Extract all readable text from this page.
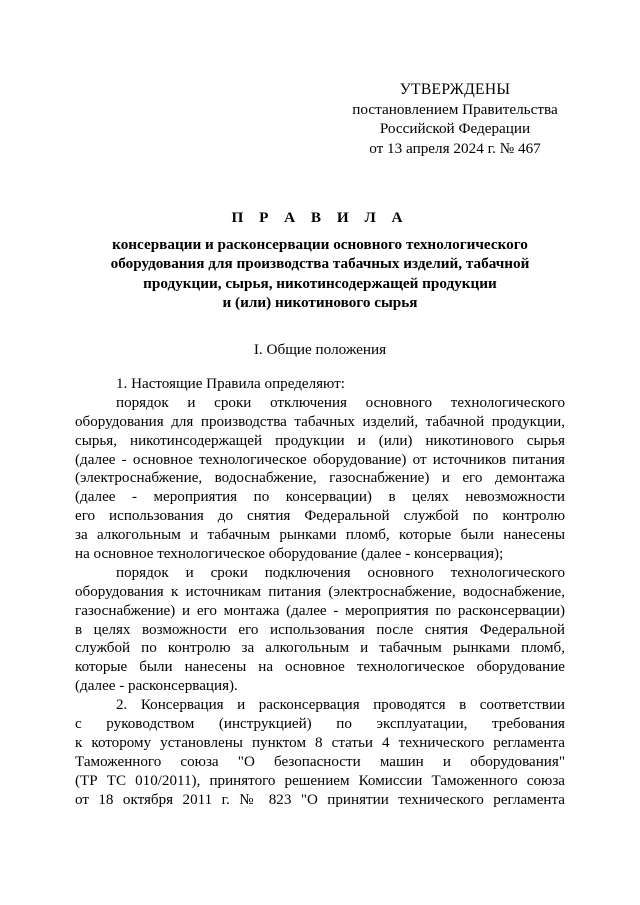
УТВЕРЖДЕНЫ
постановлением Правительства
Российской Федерации
от 13 апреля 2024 г. № 467
П Р А В И Л А
консервации и расконсервации основного технологического
оборудования для производства табачных изделий, табачной
продукции, сырья, никотинсодержащей продукции
и (или) никотинового сырья
I. Общие положения
1. Настоящие Правила определяют:
порядок и сроки отключения основного технологического
оборудования для производства табачных изделий, табачной продукции,
сырья, никотинсодержащей продукции и (или) никотинового сырья
(далее - основное технологическое оборудование) от источников питания
(электроснабжение, водоснабжение, газоснабжение) и его демонтажа
(далее - мероприятия по консервации) в целях невозможности
его использования до снятия Федеральной службой по контролю
за алкогольным и табачным рынками пломб, которые были нанесены
на основное технологическое оборудование (далее - консервация);
порядок и сроки подключения основного технологического
оборудования к источникам питания (электроснабжение, водоснабжение,
газоснабжение) и его монтажа (далее - мероприятия по расконсервации)
в целях возможности его использования после снятия Федеральной
службой по контролю за алкогольным и табачным рынками пломб,
которые были нанесены на основное технологическое оборудование
(далее - расконсервация).
2. Консервация и расконсервация проводятся в соответствии
с руководством (инструкцией) по эксплуатации, требования
к которому установлены пунктом 8 статьи 4 технического регламента
Таможенного союза "О безопасности машин и оборудования"
(ТР ТС 010/2011), принятого решением Комиссии Таможенного союза
от 18 октября 2011 г. № 823 "О принятии технического регламента
